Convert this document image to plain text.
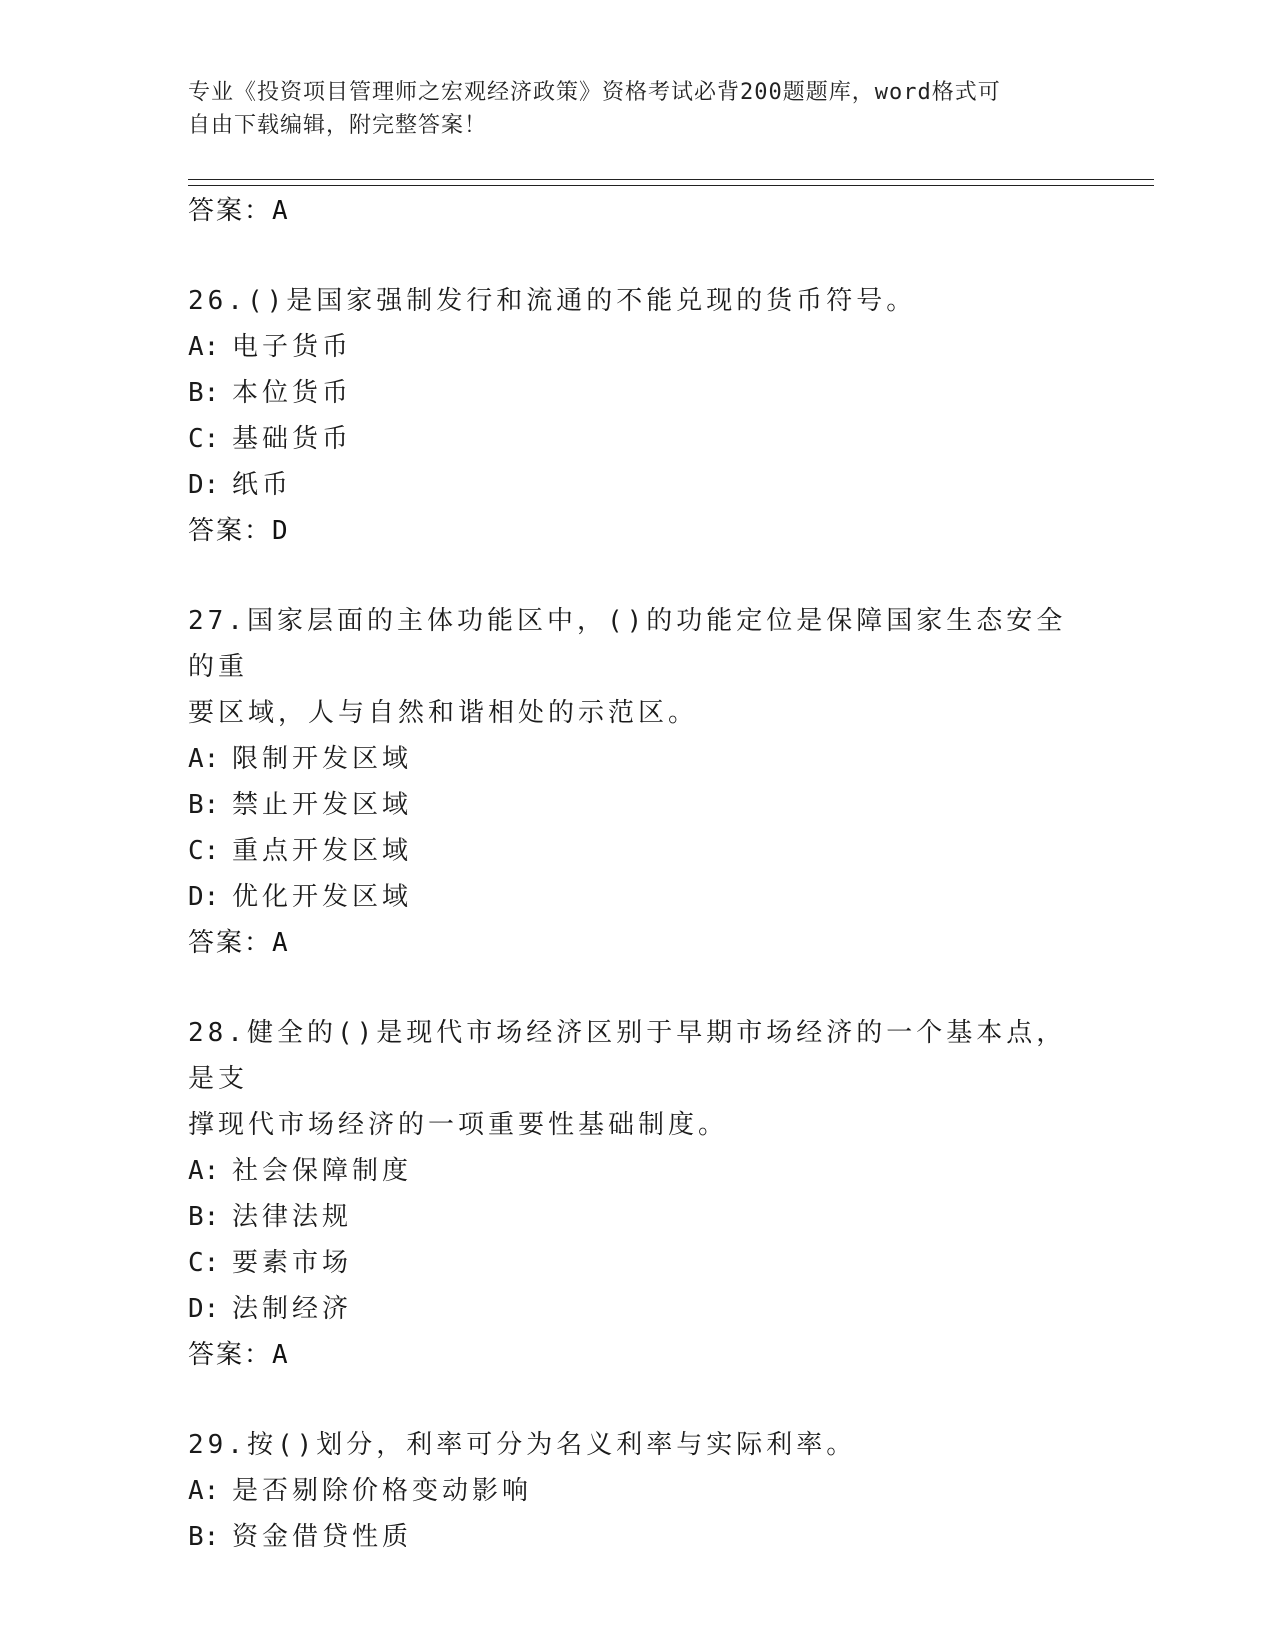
专业《投资项目管理师之宏观经济政策》资格考试必背200题题库，word格式可
自由下载编辑，附完整答案！
答案：A
26.()是国家强制发行和流通的不能兑现的货币符号。
A: 电子货币
B: 本位货币
C: 基础货币
D: 纸币
答案：D
27.国家层面的主体功能区中，()的功能定位是保障国家生态安全的重
要区域，人与自然和谐相处的示范区。
A: 限制开发区域
B: 禁止开发区域
C: 重点开发区域
D: 优化开发区域
答案：A
28.健全的()是现代市场经济区别于早期市场经济的一个基本点，是支
撑现代市场经济的一项重要性基础制度。
A: 社会保障制度
B: 法律法规
C: 要素市场
D: 法制经济
答案：A
29.按()划分，利率可分为名义利率与实际利率。
A: 是否剔除价格变动影响
B: 资金借贷性质
